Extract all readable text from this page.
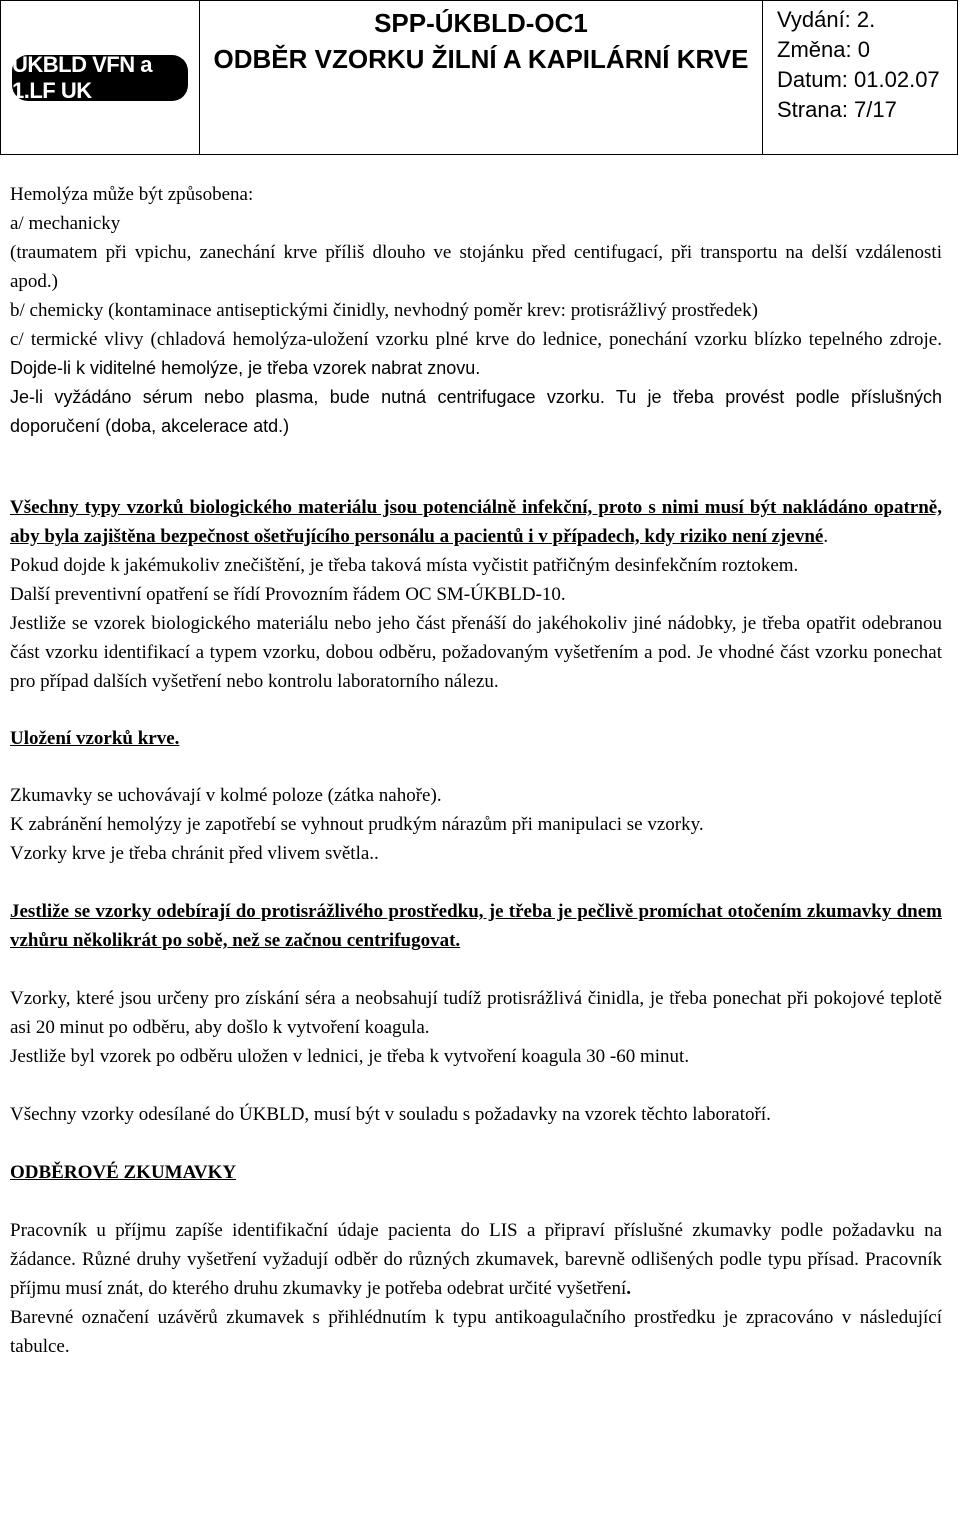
ÚKBLD VFN a 1.LF UK
SPP-ÚKBLD-OC1
ODBĚR VZORKU ŽILNÍ A KAPILÁRNÍ KRVE
Vydání: 2.
Změna: 0
Datum: 01.02.07
Strana: 7/17

Hemolýza může být způsobena:

a/ mechanicky

(traumatem při vpichu, zanechání krve příliš dlouho ve stojánku před centifugací, při transportu na delší vzdálenosti apod.)

b/ chemicky (kontaminace antiseptickými činidly, nevhodný poměr krev: protisrážlivý prostředek)

c/ termické vlivy (chladová hemolýza-uložení vzorku plné krve do lednice, ponechání vzorku blízko tepelného zdroje. Dojde-li k viditelné hemolýze, je třeba vzorek nabrat znovu.

Je-li vyžádáno sérum nebo plasma, bude nutná centrifugace vzorku. Tu je třeba provést podle příslušných doporučení (doba, akcelerace atd.)

Všechny typy vzorků biologického materiálu jsou potenciálně infekční, proto s nimi musí být nakládáno opatrně, aby byla zajištěna bezpečnost ošetřujícího personálu a pacientů i v případech, kdy riziko není zjevné.

Pokud dojde k jakémukoliv znečištění, je třeba taková místa vyčistit patřičným desinfekčním roztokem.

Další preventivní opatření se řídí Provozním řádem OC SM-ÚKBLD-10.

Jestliže se vzorek biologického materiálu nebo jeho část přenáší do jakéhokoliv jiné nádobky, je třeba opatřit odebranou část vzorku identifikací a typem vzorku, dobou odběru, požadovaným vyšetřením a pod. Je vhodné část vzorku ponechat pro případ dalších vyšetření nebo kontrolu laboratorního nálezu.

Uložení vzorků krve.

Zkumavky se uchovávají v kolmé poloze (zátka nahoře).

K zabránění hemolýzy je zapotřebí se vyhnout prudkým nárazům při manipulaci se vzorky.

Vzorky krve je třeba chránit před vlivem světla..

Jestliže se vzorky odebírají do protisrážlivého prostředku, je třeba je pečlivě promíchat otočením zkumavky dnem vzhůru několikrát po sobě, než se začnou centrifugovat.

Vzorky, které jsou určeny pro získání séra a neobsahují tudíž protisrážlivá činidla, je třeba ponechat při pokojové teplotě asi 20 minut po odběru, aby došlo k vytvoření koagula.

Jestliže byl vzorek po odběru uložen v lednici, je třeba k vytvoření koagula 30 -60 minut.

Všechny vzorky odesílané do ÚKBLD, musí být v souladu s požadavky na vzorek těchto laboratoří.

ODBĚROVÉ ZKUMAVKY

Pracovník u příjmu zapíše identifikační údaje pacienta do LIS a připraví příslušné zkumavky podle požadavku na žádance. Různé druhy vyšetření vyžadují odběr do různých zkumavek, barevně odlišených podle typu přísad. Pracovník příjmu musí znát, do kterého druhu zkumavky je potřeba odebrat určité vyšetření.

Barevné označení uzávěrů zkumavek s přihlédnutím k typu antikoagulačního prostředku je zpracováno v následující tabulce.
